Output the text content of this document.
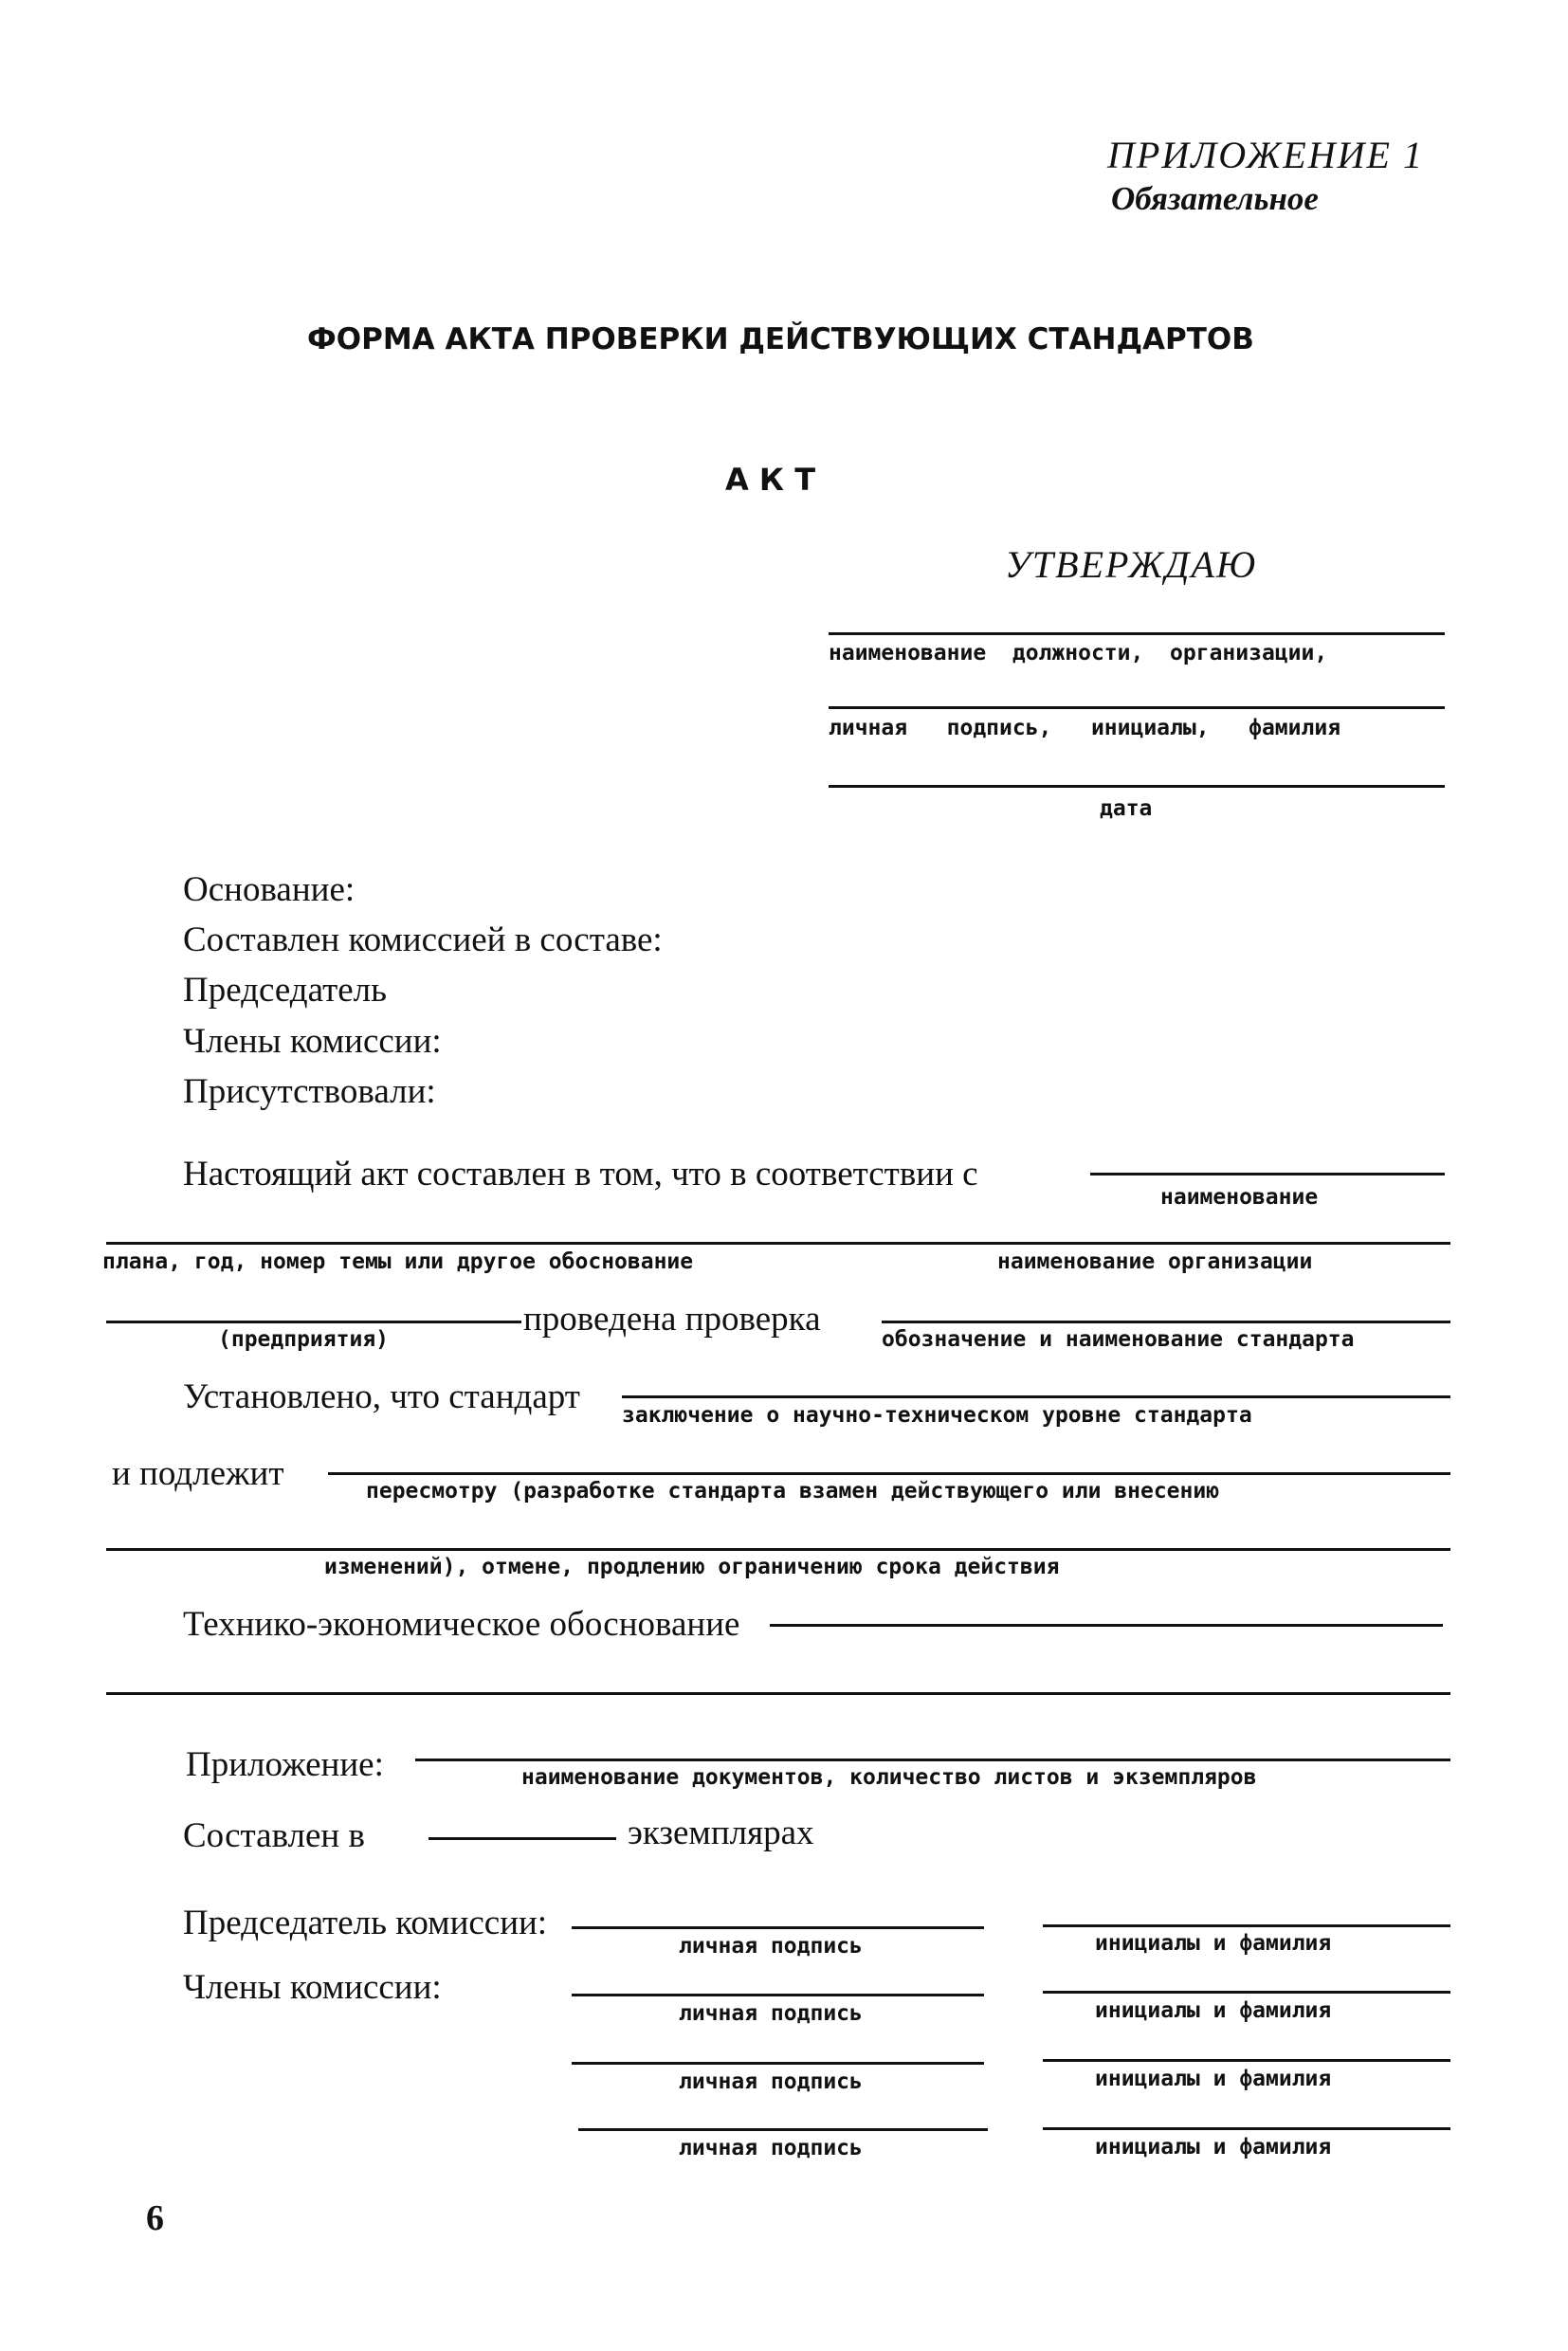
ПРИЛОЖЕНИЕ 1
Обязательное
ФОРМА АКТА ПРОВЕРКИ ДЕЙСТВУЮЩИХ СТАНДАРТОВ
А К Т
УТВЕРЖДАЮ
наименование  должности,  организации,
личная   подпись,   инициалы,   фамилия
дата
Основание:
Составлен комиссией в составе:
Председатель
Члены комиссии:
Присутствовали:
Настоящий акт составлен в том, что в соответствии с
наименование
плана, год, номер темы или другое обоснование	наименование организации
(предприятия)
проведена проверка
обозначение и наименование стандарта
Установлено, что стандарт заключение о научно-техническом уровне стандарта
и подлежит	пересмотру (разработке стандарта взамен действующего или внесению
изменений), отмене, продлению ограничению срока действия
Технико-экономическое обоснование
Приложение:	наименование документов, количество листов и экземпляров
Составлен в	экземплярах
Председатель комиссии:
Члены комиссии:
личная подпись	инициалы и фамилия
личная подпись	инициалы и фамилия
личная подпись	инициалы и фамилия
личная подпись	инициалы и фамилия
6
